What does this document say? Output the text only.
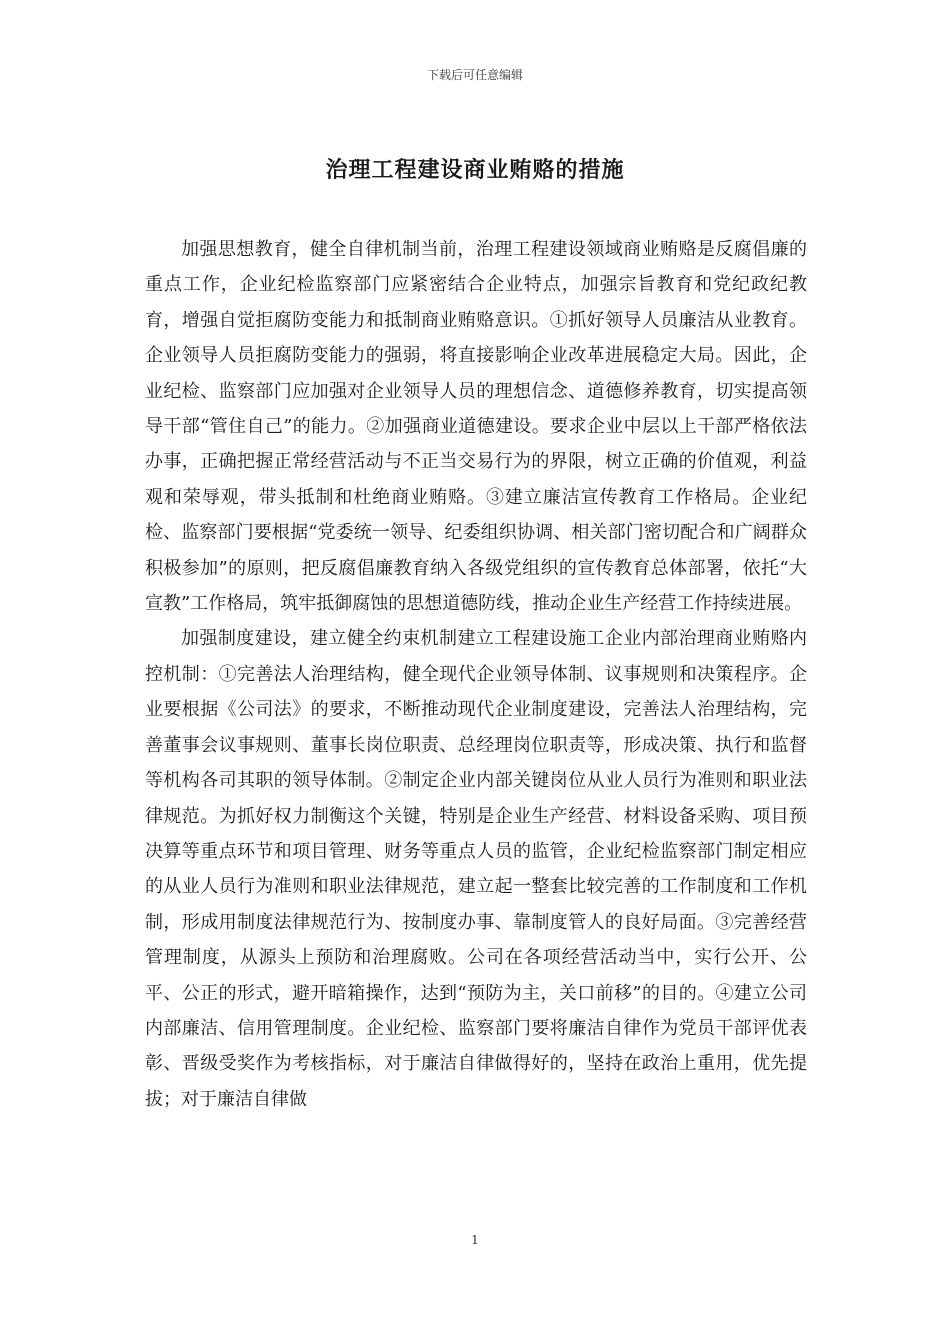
下载后可任意编辑
治理工程建设商业贿赂的措施

加强思想教育，健全自律机制当前，治理工程建设领域商业贿赂是反腐倡廉的重点工作，企业纪检监察部门应紧密结合企业特点，加强宗旨教育和党纪政纪教育，增强自觉拒腐防变能力和抵制商业贿赂意识。①抓好领导人员廉洁从业教育。企业领导人员拒腐防变能力的强弱，将直接影响企业改革进展稳定大局。因此，企业纪检、监察部门应加强对企业领导人员的理想信念、道德修养教育，切实提高领导干部“管住自己”的能力。②加强商业道德建设。要求企业中层以上干部严格依法办事，正确把握正常经营活动与不正当交易行为的界限，树立正确的价值观，利益观和荣辱观，带头抵制和杜绝商业贿赂。③建立廉洁宣传教育工作格局。企业纪检、监察部门要根据“党委统一领导、纪委组织协调、相关部门密切配合和广阔群众积极参加”的原则，把反腐倡廉教育纳入各级党组织的宣传教育总体部署，依托“大宣教”工作格局，筑牢抵御腐蚀的思想道德防线，推动企业生产经营工作持续进展。

加强制度建设，建立健全约束机制建立工程建设施工企业内部治理商业贿赂内控机制：①完善法人治理结构，健全现代企业领导体制、议事规则和决策程序。企业要根据《公司法》的要求，不断推动现代企业制度建设，完善法人治理结构，完善董事会议事规则、董事长岗位职责、总经理岗位职责等，形成决策、执行和监督等机构各司其职的领导体制。②制定企业内部关键岗位从业人员行为准则和职业法律规范。为抓好权力制衡这个关键，特别是企业生产经营、材料设备采购、项目预决算等重点环节和项目管理、财务等重点人员的监管，企业纪检监察部门制定相应的从业人员行为准则和职业法律规范，建立起一整套比较完善的工作制度和工作机制，形成用制度法律规范行为、按制度办事、靠制度管人的良好局面。③完善经营管理制度，从源头上预防和治理腐败。公司在各项经营活动当中，实行公开、公平、公正的形式，避开暗箱操作，达到“预防为主，关口前移”的目的。④建立公司内部廉洁、信用管理制度。企业纪检、监察部门要将廉洁自律作为党员干部评优表彰、晋级受奖作为考核指标，对于廉洁自律做得好的，坚持在政治上重用，优先提拔；对于廉洁自律做

1
